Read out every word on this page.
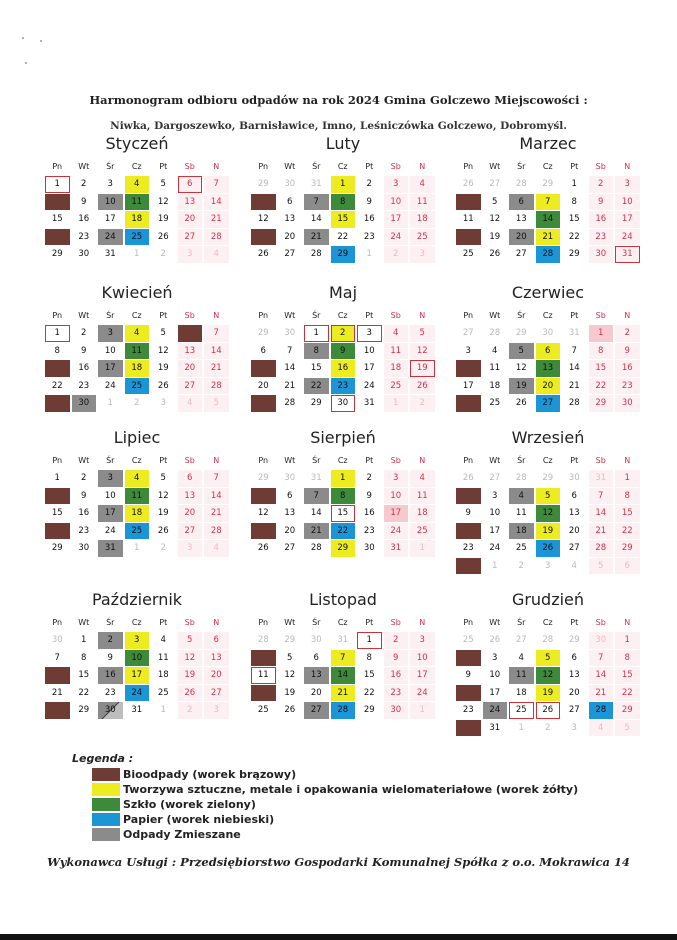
Harmonogram odbioru odpadów na rok 2024 Gmina Golczewo Miejscowości :
Niwka, Dargoszewko, Barnisławice, Imno, Leśniczówka Golczewo, Dobromyśl.
Styczeń
Pn	Wt	Śr	Cz	Pt	Sb	N
1	2	3	4	5	6	7
8	9	10	11	12	13	14
15	16	17	18	19	20	21
22	23	24	25	26	27	28
29	30	31	1	2	3	4
Luty
Pn	Wt	Śr	Cz	Pt	Sb	N
29	30	31	1	2	3	4
5	6	7	8	9	10	11
12	13	14	15	16	17	18
19	20	21	22	23	24	25
26	27	28	29	1	2	3
Marzec
Pn	Wt	Śr	Cz	Pt	Sb	N
26	27	28	29	1	2	3
4	5	6	7	8	9	10
11	12	13	14	15	16	17
18	19	20	21	22	23	24
25	26	27	28	29	30	31
Kwiecień
Pn	Wt	Śr	Cz	Pt	Sb	N
1	2	3	4	5	6	7
8	9	10	11	12	13	14
15	16	17	18	19	20	21
22	23	24	25	26	27	28
29	30	1	2	3	4	5
Maj
Pn	Wt	Śr	Cz	Pt	Sb	N
29	30	1	2	3	4	5
6	7	8	9	10	11	12
13	14	15	16	17	18	19
20	21	22	23	24	25	26
27	28	29	30	31	1	2
Czerwiec
Pn	Wt	Śr	Cz	Pt	Sb	N
27	28	29	30	31	1	2
3	4	5	6	7	8	9
10	11	12	13	14	15	16
17	18	19	20	21	22	23
24	25	26	27	28	29	30
Lipiec
Pn	Wt	Śr	Cz	Pt	Sb	N
1	2	3	4	5	6	7
8	9	10	11	12	13	14
15	16	17	18	19	20	21
22	23	24	25	26	27	28
29	30	31	1	2	3	4
Sierpień
Pn	Wt	Śr	Cz	Pt	Sb	N
29	30	31	1	2	3	4
5	6	7	8	9	10	11
12	13	14	15	16	17	18
19	20	21	22	23	24	25
26	27	28	29	30	31	1
Wrzesień
Pn	Wt	Śr	Cz	Pt	Sb	N
26	27	28	29	30	31	1
2	3	4	5	6	7	8
9	10	11	12	13	14	15
16	17	18	19	20	21	22
23	24	25	26	27	28	29
30	1	2	3	4	5	6
Październik
Pn	Wt	Śr	Cz	Pt	Sb	N
30	1	2	3	4	5	6
7	8	9	10	11	12	13
14	15	16	17	18	19	20
21	22	23	24	25	26	27
28	29	30	31	1	2	3
Listopad
Pn	Wt	Śr	Cz	Pt	Sb	N
28	29	30	31	1	2	3
4	5	6	7	8	9	10
11	12	13	14	15	16	17
18	19	20	21	22	23	24
25	26	27	28	29	30	1
Grudzień
Pn	Wt	Śr	Cz	Pt	Sb	N
25	26	27	28	29	30	1
2	3	4	5	6	7	8
9	10	11	12	13	14	15
16	17	18	19	20	21	22
23	24	25	26	27	28	29
30	31	1	2	3	4	5
Legenda :
Bioodpady (worek brązowy)
Tworzywa sztuczne, metale i opakowania wielomateriałowe (worek żółty)
Szkło (worek zielony)
Papier (worek niebieski)
Odpady Zmieszane
Wykonawca Usługi : Przedsiębiorstwo Gospodarki Komunalnej Spółka z o.o. Mokrawica 14
